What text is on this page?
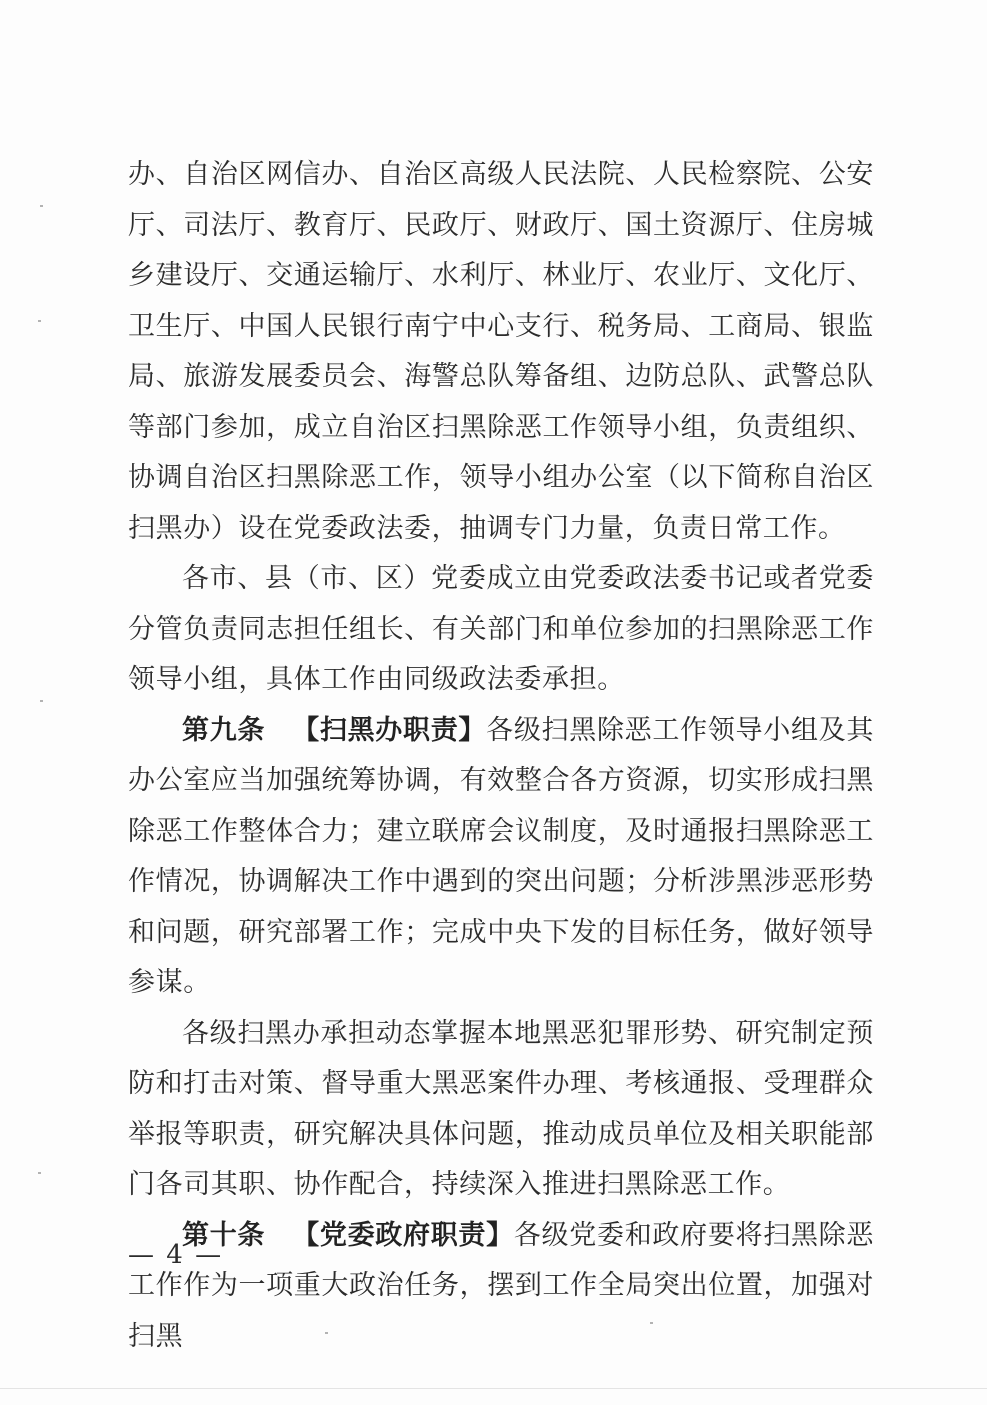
办、自治区网信办、自治区高级人民法院、人民检察院、公安厅、司法厅、教育厅、民政厅、财政厅、国土资源厅、住房城乡建设厅、交通运输厅、水利厅、林业厅、农业厅、文化厅、卫生厅、中国人民银行南宁中心支行、税务局、工商局、银监局、旅游发展委员会、海警总队筹备组、边防总队、武警总队等部门参加，成立自治区扫黑除恶工作领导小组，负责组织、协调自治区扫黑除恶工作，领导小组办公室（以下简称自治区扫黑办）设在党委政法委，抽调专门力量，负责日常工作。

各市、县（市、区）党委成立由党委政法委书记或者党委分管负责同志担任组长、有关部门和单位参加的扫黑除恶工作领导小组，具体工作由同级政法委承担。

第九条 【扫黑办职责】各级扫黑除恶工作领导小组及其办公室应当加强统筹协调，有效整合各方资源，切实形成扫黑除恶工作整体合力；建立联席会议制度，及时通报扫黑除恶工作情况，协调解决工作中遇到的突出问题；分析涉黑涉恶形势和问题，研究部署工作；完成中央下发的目标任务，做好领导参谋。

各级扫黑办承担动态掌握本地黑恶犯罪形势、研究制定预防和打击对策、督导重大黑恶案件办理、考核通报、受理群众举报等职责，研究解决具体问题，推动成员单位及相关职能部门各司其职、协作配合，持续深入推进扫黑除恶工作。

第十条 【党委政府职责】各级党委和政府要将扫黑除恶工作作为一项重大政治任务，摆到工作全局突出位置，加强对扫黑

— 4 —
